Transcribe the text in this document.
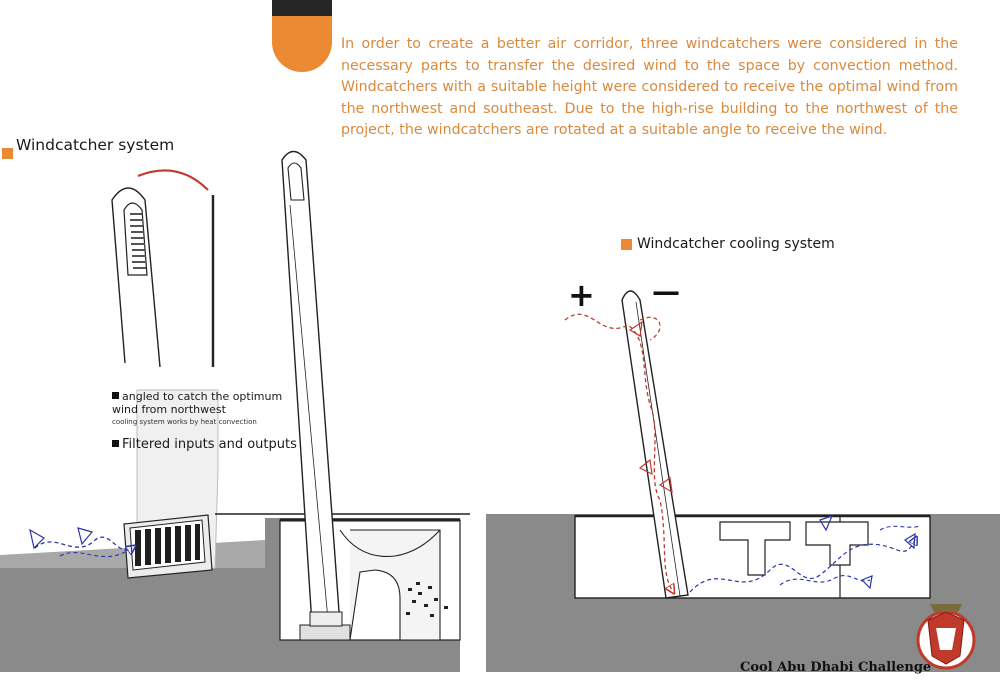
In order to create a better air corridor, three windcatchers were considered in the necessary parts to transfer the desired wind to the space by convection method. Windcatchers with a suitable height were considered to receive the optimal wind from the northwest and southeast. Due to the high-rise building to the northwest of the project, the windcatchers are rotated at a suitable angle to receive the wind.

Windcatcher system
angled to catch the optimum
wind from northwest
cooling system works by heat convection
Filtered inputs and outputs
Windcatcher cooling system
+ —
Cool Abu Dhabi Challenge
